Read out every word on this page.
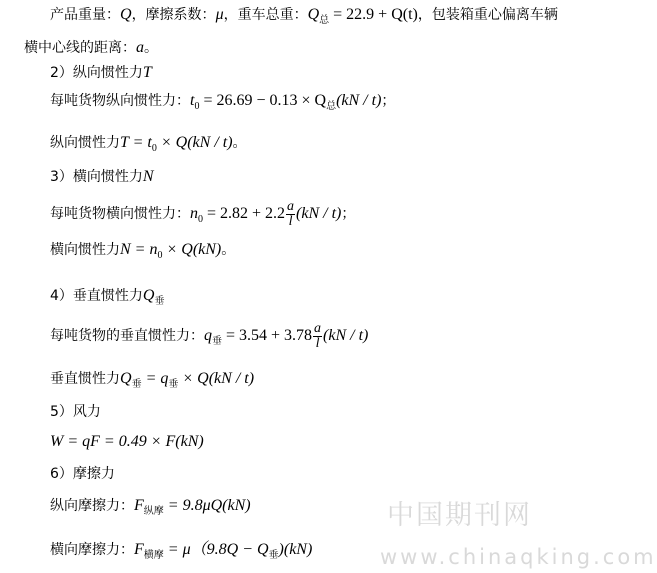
产品重量：Q，摩擦系数：μ，重车总重：$Q_总 = 22.9 + Q(t)$，包装箱重心偏离车辆
横中心线的距离：a。
2）纵向惯性力T
每吨货物纵向惯性力：$t_0 = 26.69 - 0.13 \times Q_总(kN / t)$；
纵向惯性力$T = t_0 \times Q(kN / t)$。
3）横向惯性力N
每吨货物横向惯性力：$n_0 = 2.82 + 2.2 \frac{a}{l} (kN / t)$；
横向惯性力$N = n_0 \times Q(kN)$。
4）垂直惯性力$Q_垂$
每吨货物的垂直惯性力：$q_垂 = 3.54 + 3.78 \frac{a}{l} (kN / t)$
垂直惯性力$Q_垂 = q_垂 \times Q(kN / t)$
5）风力
W = qF = 0.49 × F(kN)
6）摩擦力
纵向摩擦力：$F_{纵摩} = 9.8\mu Q(kN)$
横向摩擦力：$F_{横摩} = \mu(9.8Q - Q_垂)(kN)$
中国期刊网
www.chinaqking.com
